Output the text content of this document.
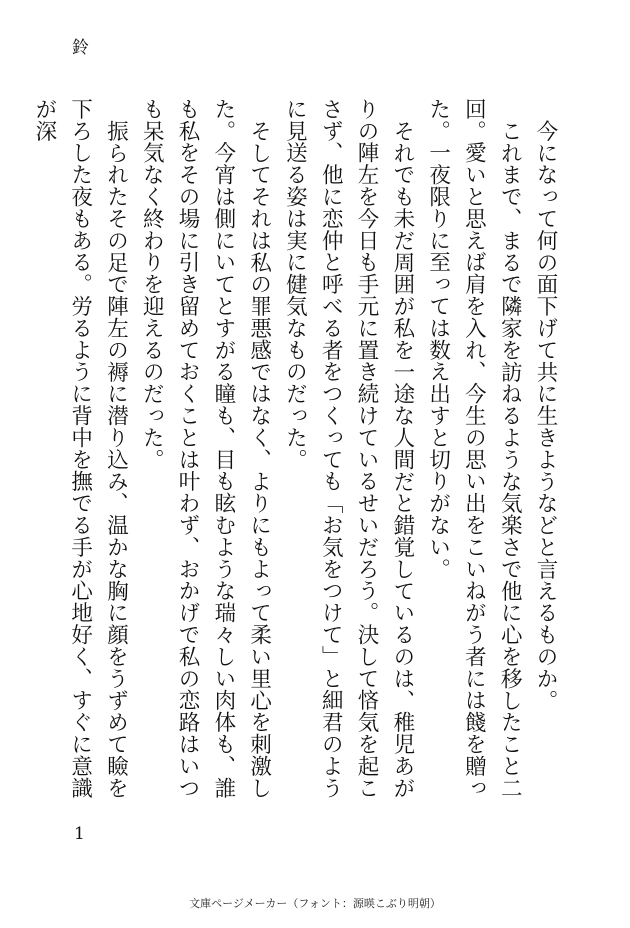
鈴

今になって何の面下げて共に生きようなどと言えるものか。

これまで、まるで隣家を訪ねるような気楽さで他に心を移したこと二回。愛いと思えば肩を入れ、今生の思い出をこいねがう者には餞を贈った。一夜限りに至っては数え出すと切りがない。

それでも未だ周囲が私を一途な人間だと錯覚しているのは、稚児あがりの陣左を今日も手元に置き続けているせいだろう。決して悋気を起こさず、他に恋仲と呼べる者をつくっても「お気をつけて」と細君のように見送る姿は実に健気なものだった。

そしてそれは私の罪悪感ではなく、よりにもよって柔い里心を刺激した。今宵は側にいてとすがる瞳も、目も眩むような瑞々しい肉体も、誰も私をその場に引き留めておくことは叶わず、おかげで私の恋路はいつも呆気なく終わりを迎えるのだった。

振られたその足で陣左の褥に潜り込み、温かな胸に顔をうずめて瞼を下ろした夜もある。労るように背中を撫でる手が心地好く、すぐに意識が深

1
文庫ページメーカー（フォント：源暎こぶり明朝）
